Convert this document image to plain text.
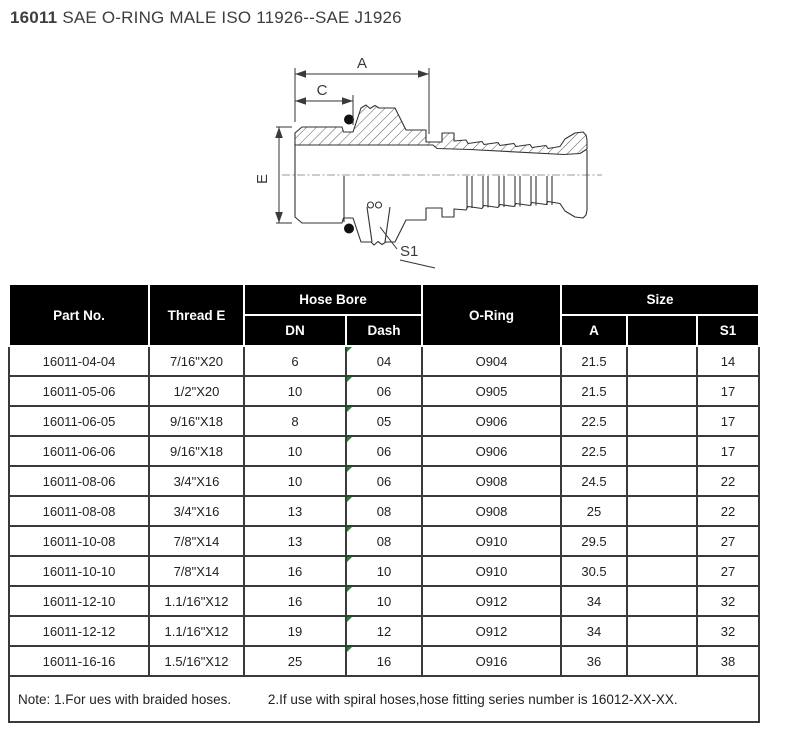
16011 SAE O-RING MALE ISO 11926--SAE J1926
A
C
E
S1
Part No.	Thread E	Hose Bore		O-Ring	Size		
		DN	Dash		A		S1
16011-04-04	7/16"X20	6	04	O904	21.5		14
16011-05-06	1/2"X20	10	06	O905	21.5		17
16011-06-05	9/16"X18	8	05	O906	22.5		17
16011-06-06	9/16"X18	10	06	O906	22.5		17
16011-08-06	3/4"X16	10	06	O908	24.5		22
16011-08-08	3/4"X16	13	08	O908	25		22
16011-10-08	7/8"X14	13	08	O910	29.5		27
16011-10-10	7/8"X14	16	10	O910	30.5		27
16011-12-10	1.1/16"X12	16	10	O912	34		32
16011-12-12	1.1/16"X12	19	12	O912	34		32
16011-16-16	1.5/16"X12	25	16	O916	36		38
Note: 1.For ues with braided hoses. 2.If use with spiral hoses,hose fitting series number is 16012-XX-XX.							
